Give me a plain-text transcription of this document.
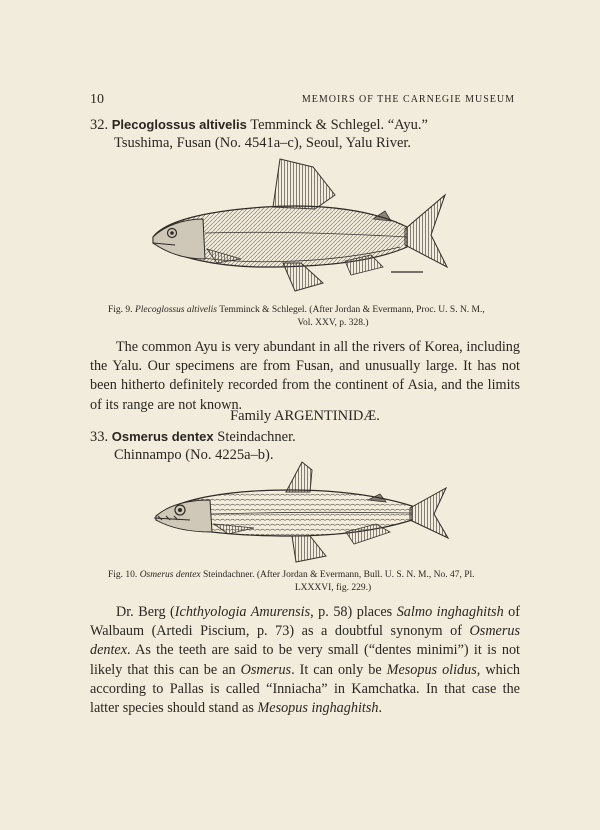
10	MEMOIRS OF THE CARNEGIE MUSEUM
32. Plecoglossus altivelis Temminck & Schlegel. “Ayu.”
Tsushima, Fusan (No. 4541a–c), Seoul, Yalu River.
Fig. 9. Plecoglossus altivelis Temminck & Schlegel. (After Jordan & Evermann, Proc. U. S. N. M.,
Vol. XXV, p. 328.)
The common Ayu is very abundant in all the rivers of Korea, including the Yalu. Our specimens are from Fusan, and unusually large. It has not been hitherto definitely recorded from the continent of Asia, and the limits of its range are not known.
Family ARGENTINIDÆ.
33. Osmerus dentex Steindachner.
Chinnampo (No. 4225a–b).
Fig. 10. Osmerus dentex Steindachner. (After Jordan & Evermann, Bull. U. S. N. M., No. 47, Pl.
LXXXVI, fig. 229.)
Dr. Berg (Ichthyologia Amurensis, p. 58) places Salmo inghaghitsh of Walbaum (Artedi Piscium, p. 73) as a doubtful synonym of Osmerus dentex. As the teeth are said to be very small (“dentes minimi”) it is not likely that this can be an Osmerus. It can only be Mesopus olidus, which according to Pallas is called “Inniacha” in Kamchatka. In that case the latter species should stand as Mesopus inghaghitsh.
